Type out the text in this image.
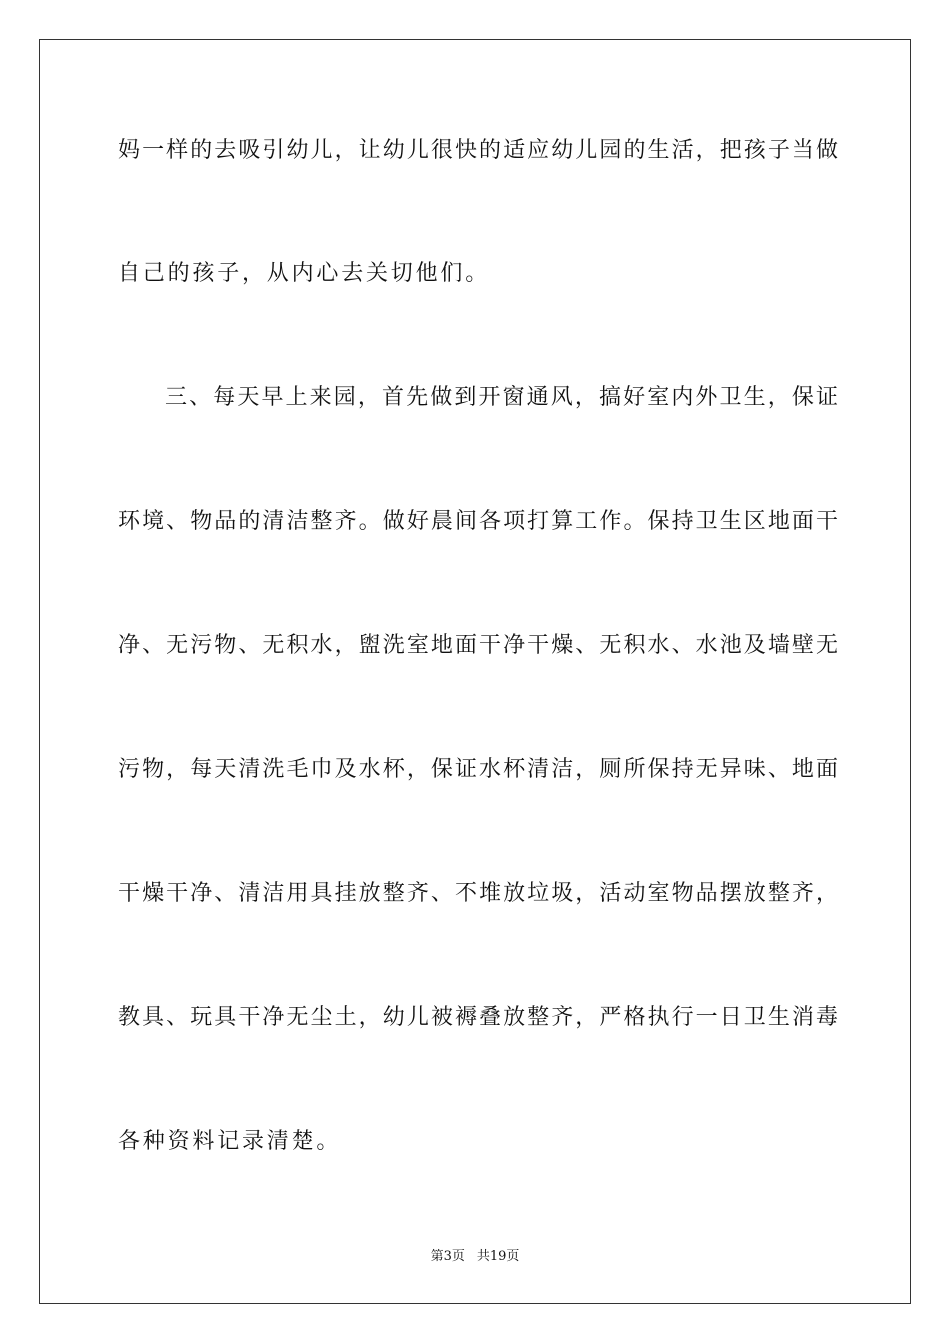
妈一样的去吸引幼儿，让幼儿很快的适应幼儿园的生活，把孩子当做
自己的孩子，从内心去关切他们。
三、每天早上来园，首先做到开窗通风，搞好室内外卫生，保证
环境、物品的清洁整齐。做好晨间各项打算工作。保持卫生区地面干
净、无污物、无积水，盥洗室地面干净干燥、无积水、水池及墙壁无
污物，每天清洗毛巾及水杯，保证水杯清洁，厕所保持无异味、地面
干燥干净、清洁用具挂放整齐、不堆放垃圾，活动室物品摆放整齐，
教具、玩具干净无尘土，幼儿被褥叠放整齐，严格执行一日卫生消毒
各种资料记录清楚。
第3页 共19页
